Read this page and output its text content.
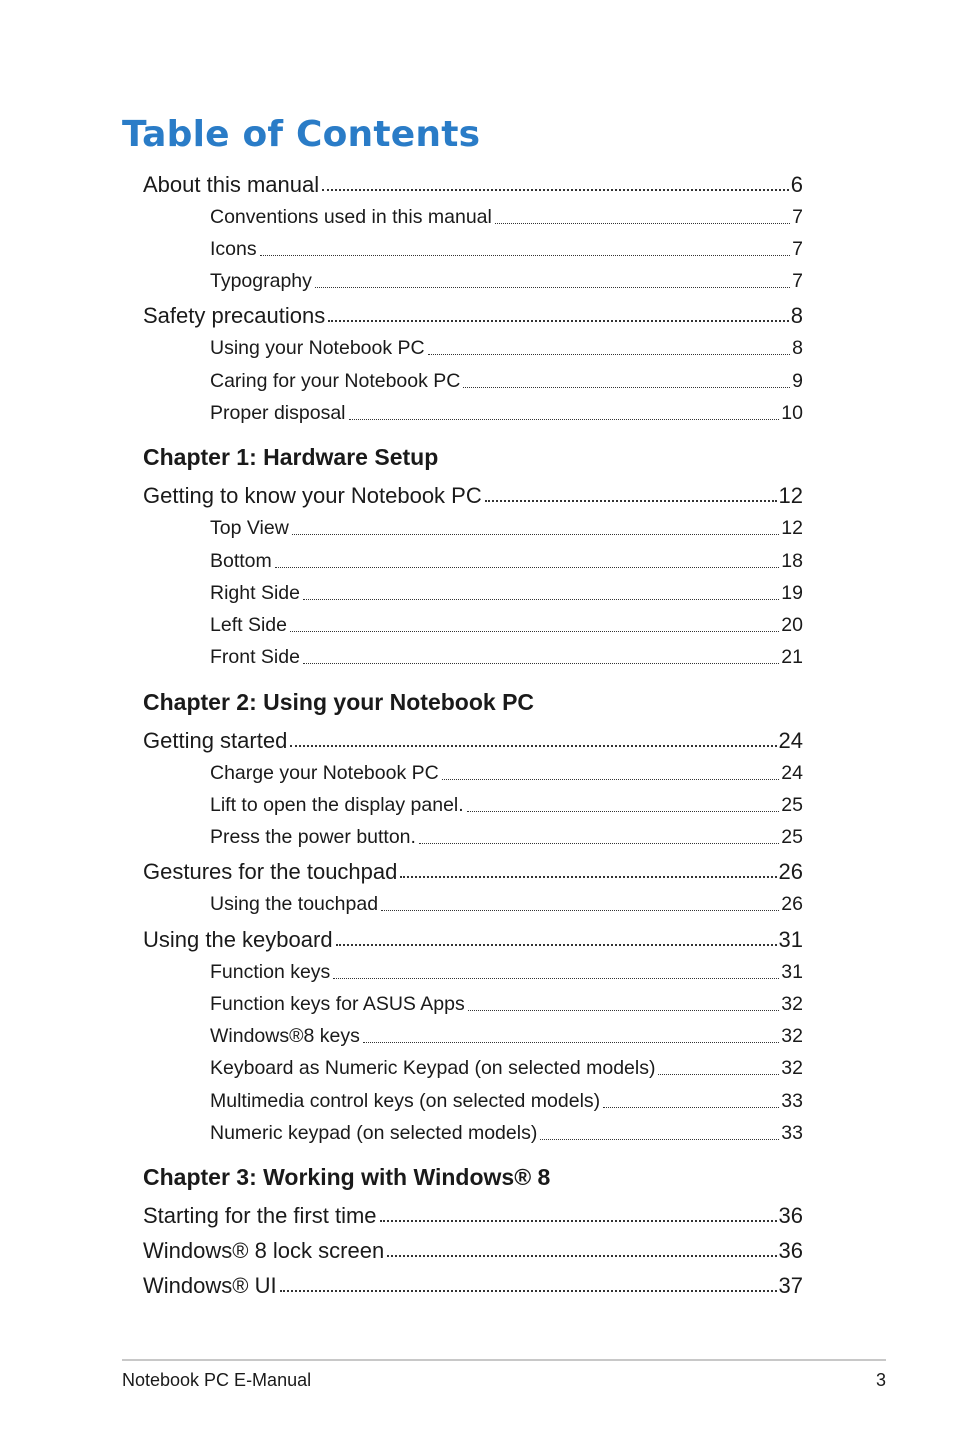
Table of Contents
About this manual	6
Conventions used in this manual	7
Icons	7
Typography	7
Safety precautions	8
Using your Notebook PC	8
Caring for your Notebook PC	9
Proper disposal	10
Chapter 1: Hardware Setup
Getting to know your Notebook PC	12
Top View	12
Bottom	18
Right Side	19
Left Side	20
Front Side	21
Chapter 2: Using your Notebook PC
Getting started	24
Charge your Notebook PC	24
Lift to open the display panel.	25
Press the power button.	25
Gestures for the touchpad	26
Using the touchpad	26
Using the keyboard	31
Function keys	31
Function keys for ASUS Apps	32
Windows®8 keys	32
Keyboard as Numeric Keypad (on selected models)	32
Multimedia control keys (on selected models)	33
Numeric keypad (on selected models)	33
Chapter 3: Working with Windows® 8
Starting for the first time	36
Windows® 8 lock screen	36
Windows® UI	37
Notebook PC E-Manual	3
